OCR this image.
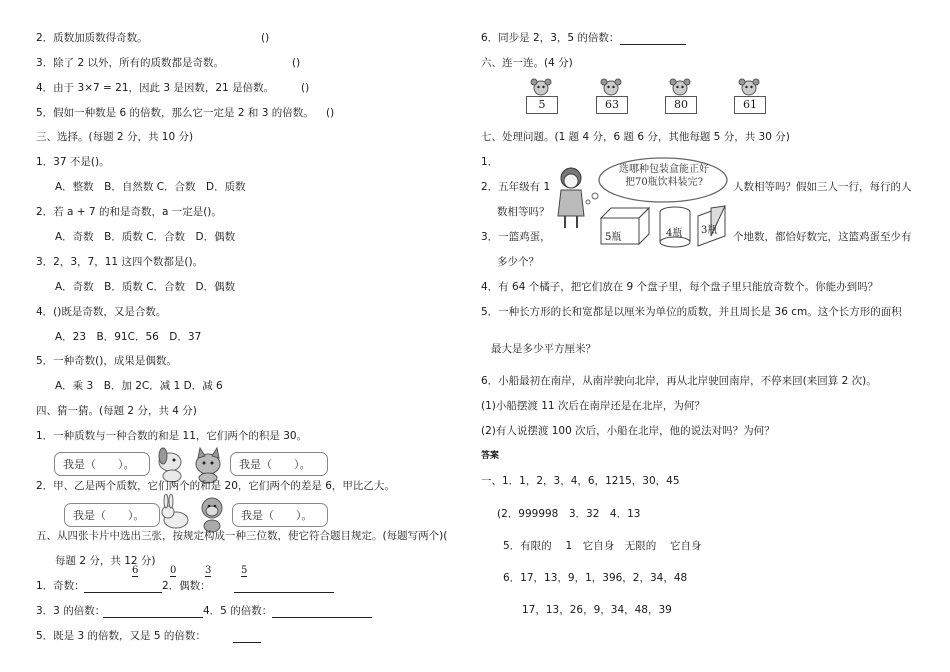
2．质数加质数得奇数。	()
3．除了 2 以外，所有的质数都是奇数。	()
4．由于 3×7 = 21，因此 3 是因数，21 是倍数。	()
5．假如一种数是 6 的倍数，那么它一定是 2 和 3 的倍数。 ()
三、选择。(每题 2 分，共 10 分)
1．37 不是()。
A．整数　B．自然数 C．合数　D．质数
2．若 a + 7 的和是奇数，a 一定是()。
A．奇数　B．质数 C．合数　D．偶数
3．2，3，7，11 这四个数都是()。
A．奇数　B．质数 C．合数　D．偶数
4．()既是奇数，又是合数。
A．23　B．91C．56　D．37
5．一种奇数()，成果是偶数。
A．乘 3　B．加 2C．减 1 D．减 6
四、猜一猜。(每题 2 分，共 4 分)
1．一种质数与一种合数的和是 11，它们两个的积是 30。
我是（　　）。	我是（　　）。
2．甲、乙是两个质数，它们两个的和是 20，它们两个的差是 6，甲比乙大。
我是（　　）。	我是（　　）。
五、从四张卡片中选出三张，按规定构成一种三位数，使它符合题目规定。(每题写两个)(
每题 2 分，共 12 分)
6	0	3	5
1．奇数：	2．偶数：
3．3 的倍数：	4．5 的倍数：
5．既是 3 的倍数，又是 5 的倍数：
6．同步是 2，3，5 的倍数：
六、连一连。(4 分)
5	63	80	61
七、处理问题。(1 题 4 分，6 题 6 分，其他每题 5 分，共 30 分)
1．
选哪种包装盒能正好
把70瓶饮料装完?
5瓶	4瓶 3瓶
2．五年级有 1	人数相等吗？假如三人一行，每行的人
数相等吗？
3．一篮鸡蛋，	个地数，都恰好数完，这篮鸡蛋至少有
多少个？
4．有 64 个橘子，把它们放在 9 个盘子里，每个盘子里只能放奇数个。你能办到吗？
5．一种长方形的长和宽都是以厘米为单位的质数，并且周长是 36 cm。这个长方形的面积
最大是多少平方厘米？
6．小船最初在南岸，从南岸驶向北岸，再从北岸驶回南岸，不停来回(来回算 2 次)。
(1)小船摆渡 11 次后在南岸还是在北岸，为何？
(2)有人说摆渡 100 次后，小船在北岸，他的说法对吗？为何？
答案
一、1．1，2，3，4，6，1215，30，45
(2．999998　3．32　4．13
5．有限的　 1　它自身　无限的　 它自身
6．17，13，9，1，396，2，34，48
17，13，26，9，34，48，39
